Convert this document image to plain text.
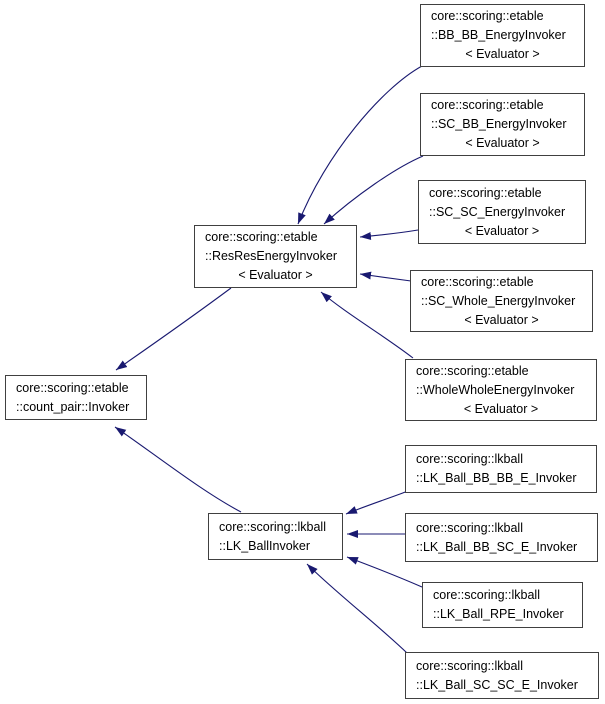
core::scoring::etable
::count_pair::Invoker
core::scoring::etable
::ResResEnergyInvoker
< Evaluator >
core::scoring::lkball
::LK_BallInvoker
core::scoring::etable
::BB_BB_EnergyInvoker
< Evaluator >
core::scoring::etable
::SC_BB_EnergyInvoker
< Evaluator >
core::scoring::etable
::SC_SC_EnergyInvoker
< Evaluator >
core::scoring::etable
::SC_Whole_EnergyInvoker
< Evaluator >
core::scoring::etable
::WholeWholeEnergyInvoker
< Evaluator >
core::scoring::lkball
::LK_Ball_BB_BB_E_Invoker
core::scoring::lkball
::LK_Ball_BB_SC_E_Invoker
core::scoring::lkball
::LK_Ball_RPE_Invoker
core::scoring::lkball
::LK_Ball_SC_SC_E_Invoker
